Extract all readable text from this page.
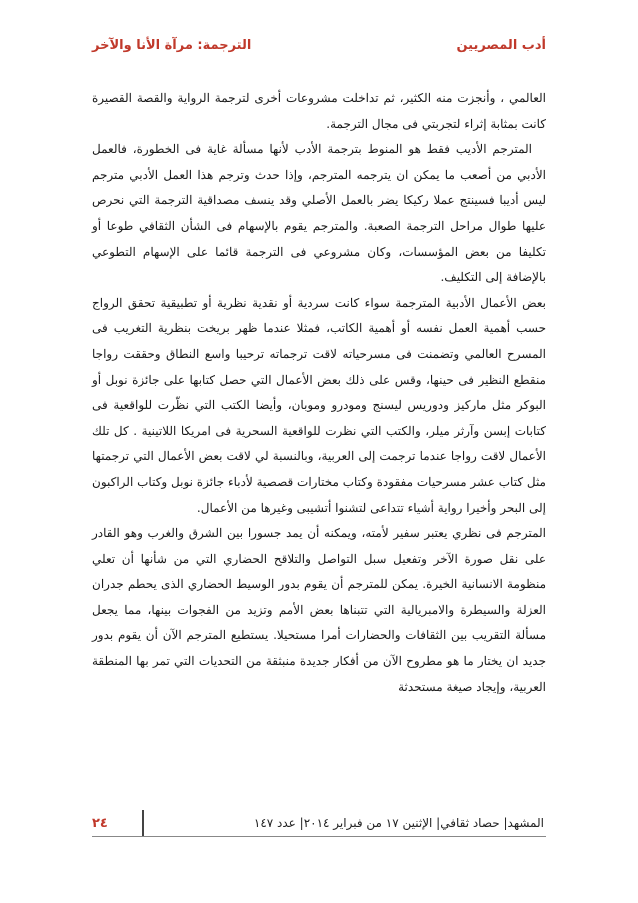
أدب المصريين
الترجمة: مرآة الأنا والآخر

العالمي ، وأنجزت منه الكثير، ثم تداخلت مشروعات أخرى لترجمة الرواية والقصة القصيرة كانت بمثابة إثراء لتجربتي فى مجال الترجمة.

المترجم الأديب فقط هو المنوط بترجمة الأدب لأنها مسألة غاية فى الخطورة، فالعمل الأدبي من أصعب ما يمكن ان يترجمه المترجم، وإذا حدث وترجم هذا العمل الأدبي مترجم ليس أديبا فسينتج عملا ركيكا يضر بالعمل الأصلي وقد ينسف مصداقية الترجمة التي نحرص عليها طوال مراحل الترجمة الصعبة. والمترجم يقوم بالإسهام فى الشأن الثقافي طوعا أو تكليفا من بعض المؤسسات، وكان مشروعي فى الترجمة قائما على الإسهام التطوعي بالإضافة إلى التكليف.

بعض الأعمال الأدبية المترجمة سواء كانت سردية أو نقدية نظرية أو تطبيقية تحقق الرواج حسب أهمية العمل نفسه أو أهمية الكاتب، فمثلا عندما ظهر بريخت بنظرية التغريب فى المسرح العالمي وتضمنت فى مسرحياته لاقت ترجماته ترحيبا واسع النطاق وحققت رواجا منقطع النظير فى حينها، وقس على ذلك بعض الأعمال التي حصل كتابها على جائزة نوبل أو البوكر مثل ماركيز ودوريس ليسنج ومودرو وموبان، وأيضا الكتب التي نظّرت للواقعية فى كتابات إبسن وآرثر ميلر، والكتب التي نظرت للواقعية السحرية فى امريكا اللاتينية . كل تلك الأعمال لاقت رواجا عندما ترجمت إلى العربية، وبالنسبة لي لاقت بعض الأعمال التي ترجمتها مثل كتاب عشر مسرحيات مفقودة وكتاب مختارات قصصية لأدباء جائزة نوبل وكتاب الراكبون إلى البحر وأخيرا رواية أشياء تتداعى لتشنوا أتشيبى وغيرها من الأعمال.

المترجم فى نظري يعتبر سفير لأمته، ويمكنه أن يمد جسورا بين الشرق والغرب وهو القادر على نقل صورة الآخر وتفعيل سبل التواصل والتلاقح الحضاري التي من شأنها أن تعلي منظومة الانسانية الخيرة. يمكن للمترجم أن يقوم بدور الوسيط الحضاري الذى يحطم جدران العزلة والسيطرة والامبريالية التي تتبناها بعض الأمم وتزيد من الفجوات بينها، مما يجعل مسألة التقريب بين الثقافات والحضارات أمرا مستحيلا. يستطيع المترجم الآن أن يقوم بدور جديد ان يختار ما هو مطروح الآن من أفكار جديدة منبثقة من التحديات التي تمر بها المنطقة العربية، وإيجاد صيغة مستحدثة

المشهد| حصاد ثقافي| الإثنين ١٧ من فبراير ٢٠١٤| عدد ١٤٧
٢٤
